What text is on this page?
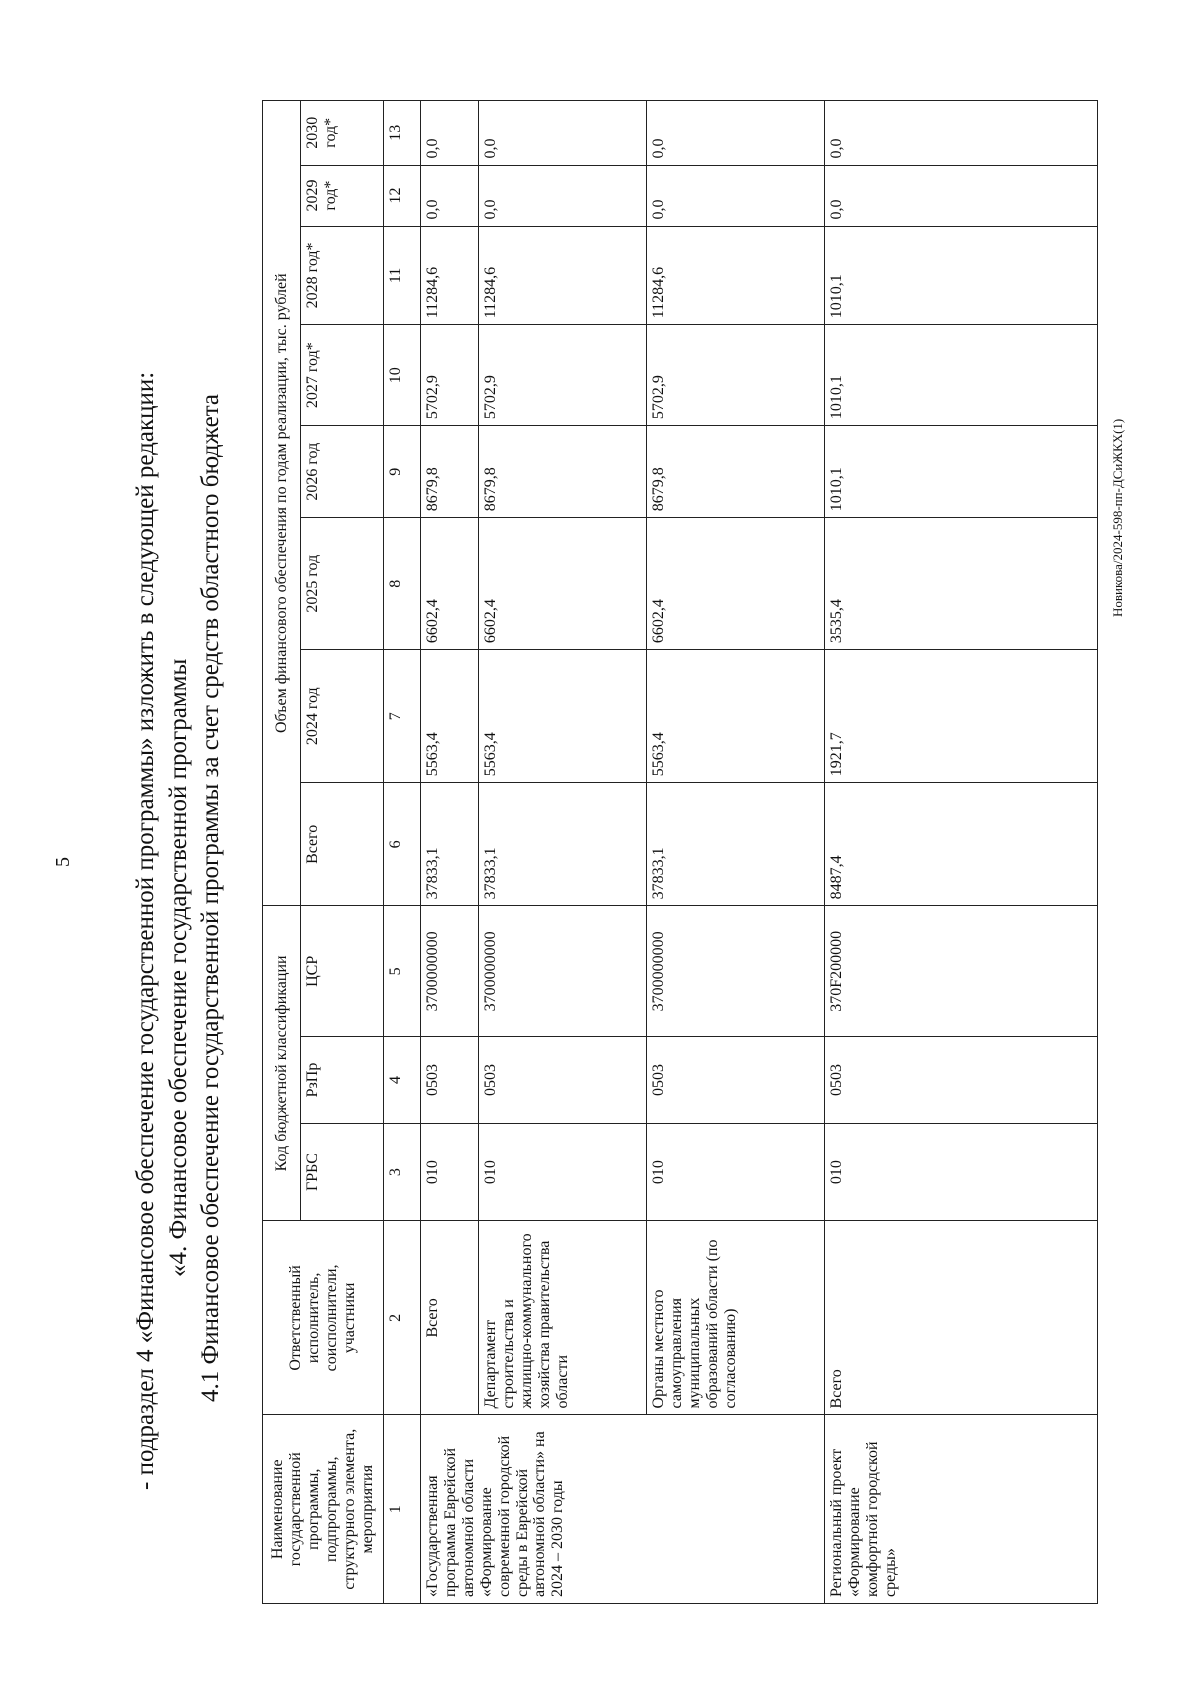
5 - подраздел 4 «Финансовое обеспечение государственной программы» изложить в следующей редакции: «4. Финансовое обеспечение государственной программы 4.1 Финансовое обеспечение государственной программы за счет средств областного бюджета
Наименование государственной программы, подпрограммы, структурного элемента, мероприятия	Ответственный исполнитель, соисполнители, участники	Код бюджетной классификации			Объем финансового обеспечения по годам реализации, тыс. рублей							
		ГРБС	РзПр	ЦСР	Всего	2024 год	2025 год	2026 год	2027 год*	2028 год*	2029 год*	2030 год*
1	2	3	4	5	6	7	8	9	10	11	12	13
«Государственная программа Еврейской автономной области «Формирование современной городской среды в Еврейской автономной области» на 2024 – 2030 годы	Всего	010	0503	3700000000	37833,1	5563,4	6602,4	8679,8	5702,9	11284,6	0,0	0,0
	Департамент строительства и жилищно-коммунального хозяйства правительства области	010	0503	3700000000	37833,1	5563,4	6602,4	8679,8	5702,9	11284,6	0,0	0,0
	Органы местного самоуправления муниципальных образований области (по согласованию)	010	0503	3700000000	37833,1	5563,4	6602,4	8679,8	5702,9	11284,6	0,0	0,0
Региональный проект «Формирование комфортной городской среды»	Всего	010	0503	370F200000	8487,4	1921,7	3535,4	1010,1	1010,1	1010,1	0,0	0,0
Новикова/2024-598-пп-ДСиЖКХ(1)
